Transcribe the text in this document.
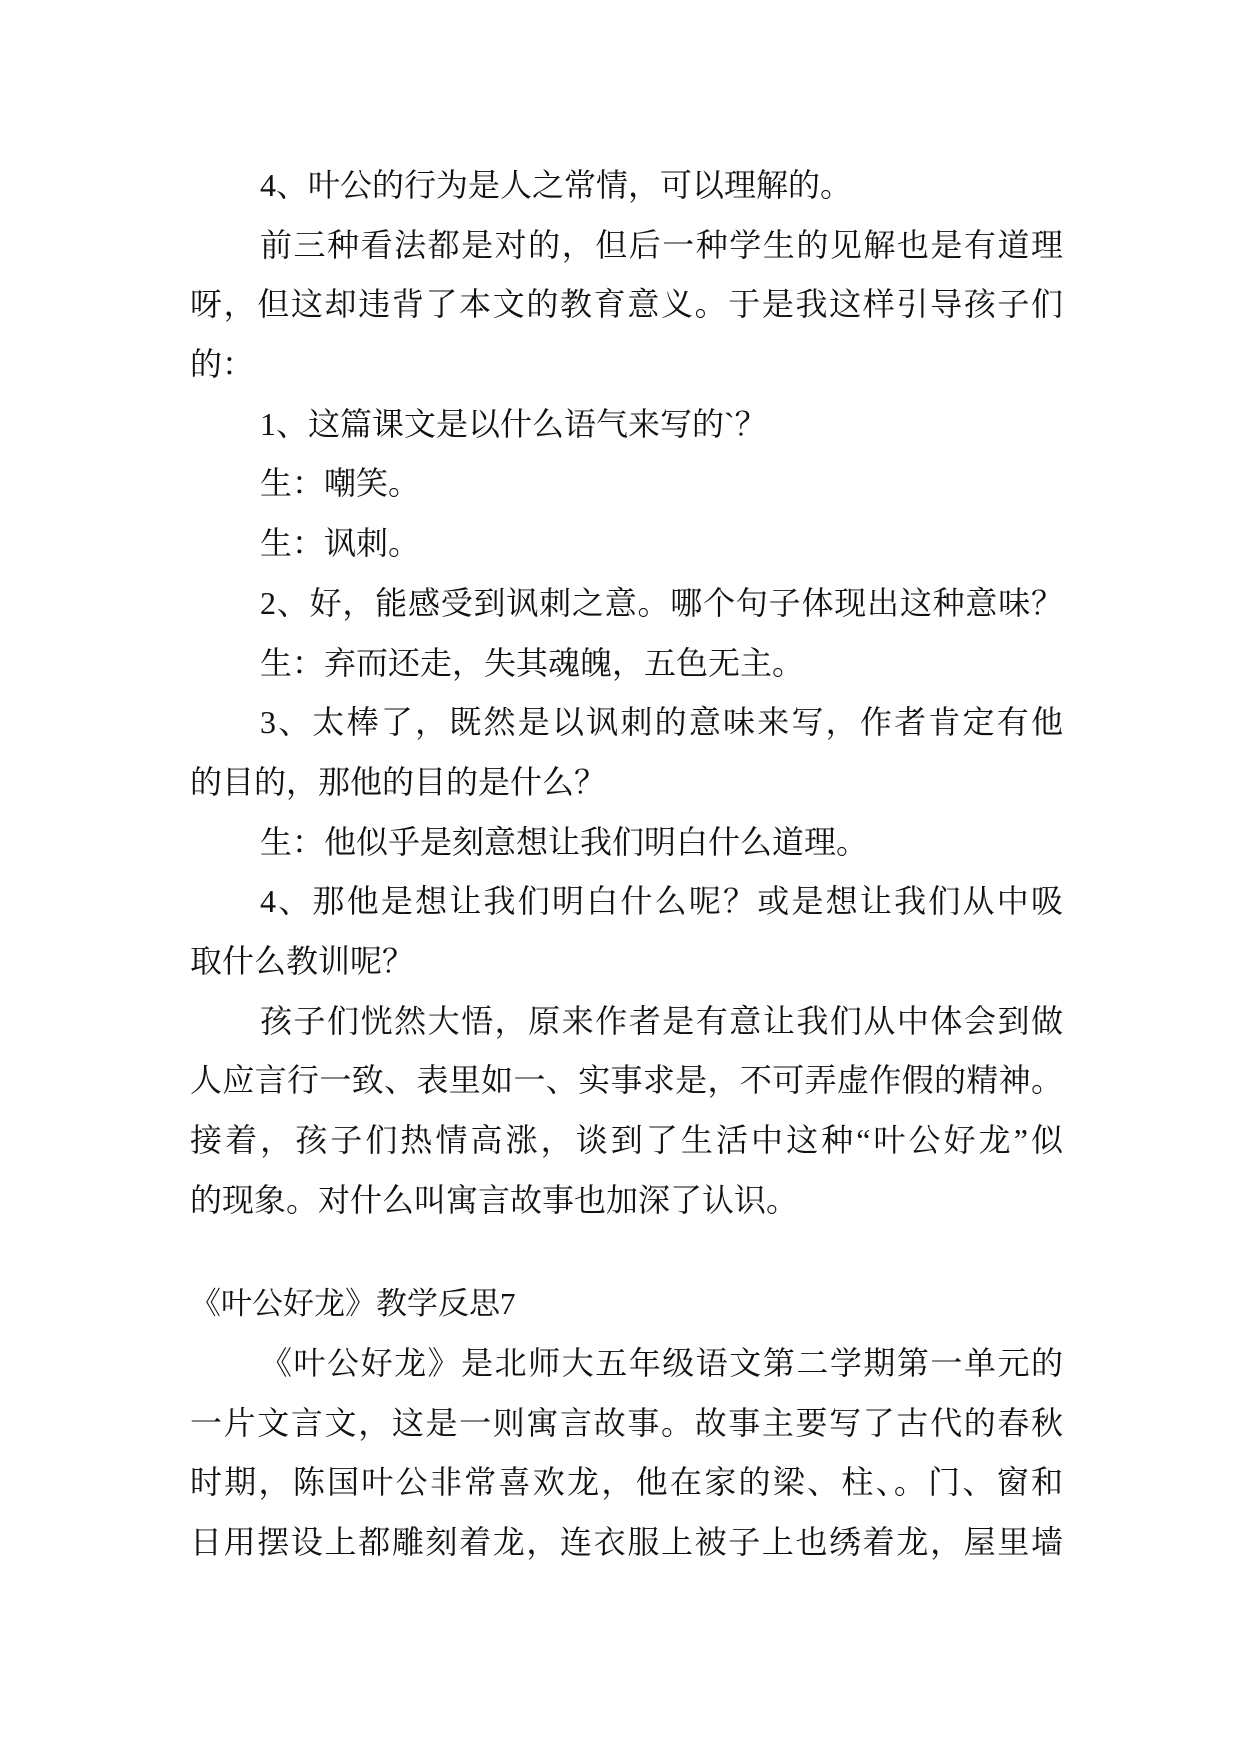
4、叶公的行为是人之常情，可以理解的。
前三种看法都是对的，但后一种学生的见解也是有道理
呀，但这却违背了本文的教育意义。于是我这样引导孩子们
的：
1、这篇课文是以什么语气来写的`？
生：嘲笑。
生：讽刺。
2、好，能感受到讽刺之意。哪个句子体现出这种意味？
生：弃而还走，失其魂魄，五色无主。
3、太棒了，既然是以讽刺的意味来写，作者肯定有他
的目的，那他的目的是什么？
生：他似乎是刻意想让我们明白什么道理。
4、那他是想让我们明白什么呢？或是想让我们从中吸
取什么教训呢？
孩子们恍然大悟，原来作者是有意让我们从中体会到做
人应言行一致、表里如一、实事求是，不可弄虚作假的精神。
接着，孩子们热情高涨，谈到了生活中这种“叶公好龙”似
的现象。对什么叫寓言故事也加深了认识。
《叶公好龙》教学反思7
《叶公好龙》是北师大五年级语文第二学期第一单元的
一片文言文，这是一则寓言故事。故事主要写了古代的春秋
时期，陈国叶公非常喜欢龙，他在家的梁、柱、。门、窗和
日用摆设上都雕刻着龙，连衣服上被子上也绣着龙，屋里墙
